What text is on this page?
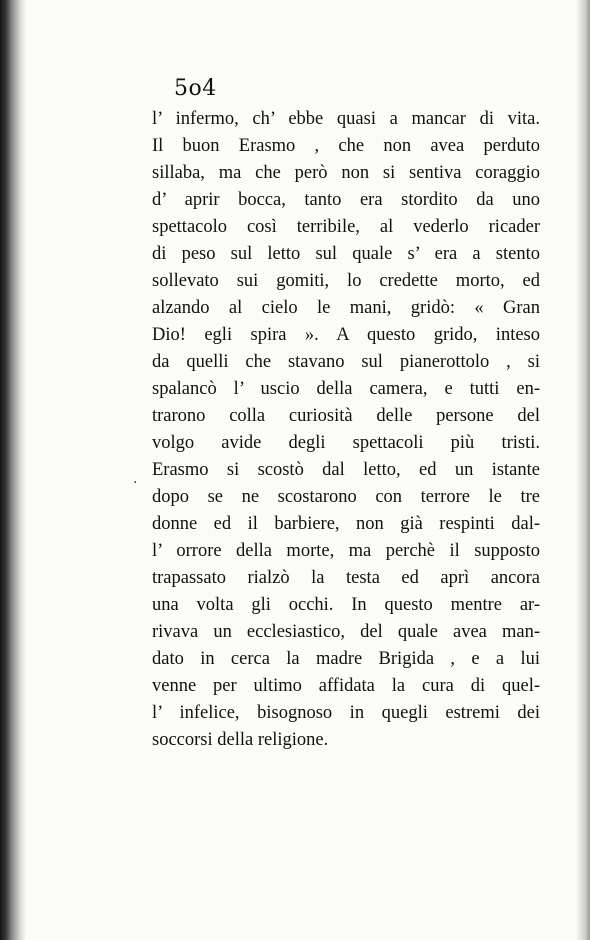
5o4
·
l’ infermo, ch’ ebbe quasi a mancar di vita.
Il buon Erasmo , che non avea perduto
sillaba, ma che però non si sentiva coraggio
d’ aprir bocca, tanto era stordito da uno
spettacolo così terribile, al vederlo ricader
di peso sul letto sul quale s’ era a stento
sollevato sui gomiti, lo credette morto, ed
alzando al cielo le mani, gridò: « Gran
Dio! egli spira ». A questo grido, inteso
da quelli che stavano sul pianerottolo , si
spalancò l’ uscio della camera, e tutti en-
trarono colla curiosità delle persone del
volgo avide degli spettacoli più tristi.
Erasmo si scostò dal letto, ed un istante
dopo se ne scostarono con terrore le tre
donne ed il barbiere, non già respinti dal-
l’ orrore della morte, ma perchè il supposto
trapassato rialzò la testa ed aprì ancora
una volta gli occhi. In questo mentre ar-
rivava un ecclesiastico, del quale avea man-
dato in cerca la madre Brigida , e a lui
venne per ultimo affidata la cura di quel-
l’ infelice, bisognoso in quegli estremi dei
soccorsi della religione.
